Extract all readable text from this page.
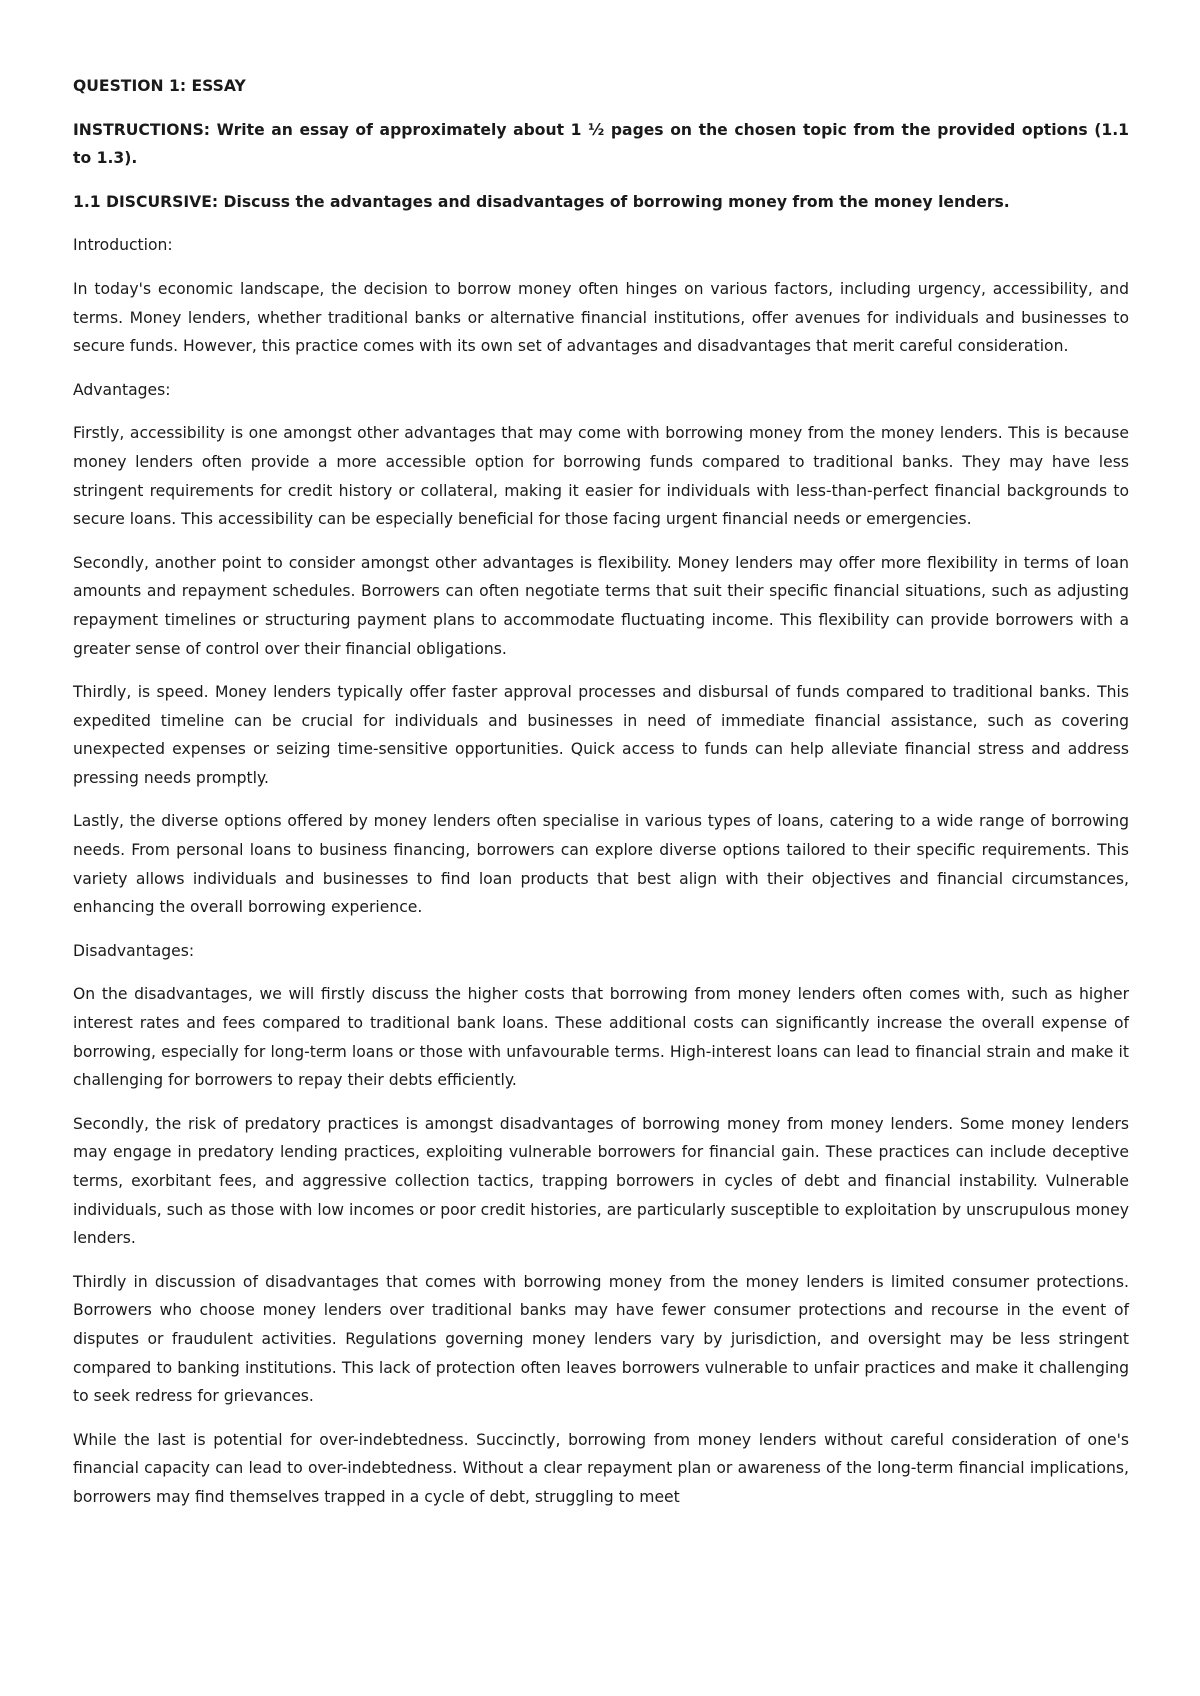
QUESTION 1: ESSAY

INSTRUCTIONS: Write an essay of approximately about 1 ½ pages on the chosen topic from the provided options (1.1 to 1.3).

1.1 DISCURSIVE: Discuss the advantages and disadvantages of borrowing money from the money lenders.

Introduction:

In today's economic landscape, the decision to borrow money often hinges on various factors, including urgency, accessibility, and terms. Money lenders, whether traditional banks or alternative financial institutions, offer avenues for individuals and businesses to secure funds. However, this practice comes with its own set of advantages and disadvantages that merit careful consideration.

Advantages:

Firstly, accessibility is one amongst other advantages that may come with borrowing money from the money lenders. This is because money lenders often provide a more accessible option for borrowing funds compared to traditional banks. They may have less stringent requirements for credit history or collateral, making it easier for individuals with less-than-perfect financial backgrounds to secure loans. This accessibility can be especially beneficial for those facing urgent financial needs or emergencies.

Secondly, another point to consider amongst other advantages is flexibility. Money lenders may offer more flexibility in terms of loan amounts and repayment schedules. Borrowers can often negotiate terms that suit their specific financial situations, such as adjusting repayment timelines or structuring payment plans to accommodate fluctuating income. This flexibility can provide borrowers with a greater sense of control over their financial obligations.

Thirdly, is speed. Money lenders typically offer faster approval processes and disbursal of funds compared to traditional banks. This expedited timeline can be crucial for individuals and businesses in need of immediate financial assistance, such as covering unexpected expenses or seizing time-sensitive opportunities. Quick access to funds can help alleviate financial stress and address pressing needs promptly.

Lastly, the diverse options offered by money lenders often specialise in various types of loans, catering to a wide range of borrowing needs. From personal loans to business financing, borrowers can explore diverse options tailored to their specific requirements. This variety allows individuals and businesses to find loan products that best align with their objectives and financial circumstances, enhancing the overall borrowing experience.

Disadvantages:

On the disadvantages, we will firstly discuss the higher costs that borrowing from money lenders often comes with, such as higher interest rates and fees compared to traditional bank loans. These additional costs can significantly increase the overall expense of borrowing, especially for long-term loans or those with unfavourable terms. High-interest loans can lead to financial strain and make it challenging for borrowers to repay their debts efficiently.

Secondly, the risk of predatory practices is amongst disadvantages of borrowing money from money lenders. Some money lenders may engage in predatory lending practices, exploiting vulnerable borrowers for financial gain. These practices can include deceptive terms, exorbitant fees, and aggressive collection tactics, trapping borrowers in cycles of debt and financial instability. Vulnerable individuals, such as those with low incomes or poor credit histories, are particularly susceptible to exploitation by unscrupulous money lenders.

Thirdly in discussion of disadvantages that comes with borrowing money from the money lenders is limited consumer protections. Borrowers who choose money lenders over traditional banks may have fewer consumer protections and recourse in the event of disputes or fraudulent activities. Regulations governing money lenders vary by jurisdiction, and oversight may be less stringent compared to banking institutions. This lack of protection often leaves borrowers vulnerable to unfair practices and make it challenging to seek redress for grievances.

While the last is potential for over-indebtedness. Succinctly, borrowing from money lenders without careful consideration of one's financial capacity can lead to over-indebtedness. Without a clear repayment plan or awareness of the long-term financial implications, borrowers may find themselves trapped in a cycle of debt, struggling to meet
